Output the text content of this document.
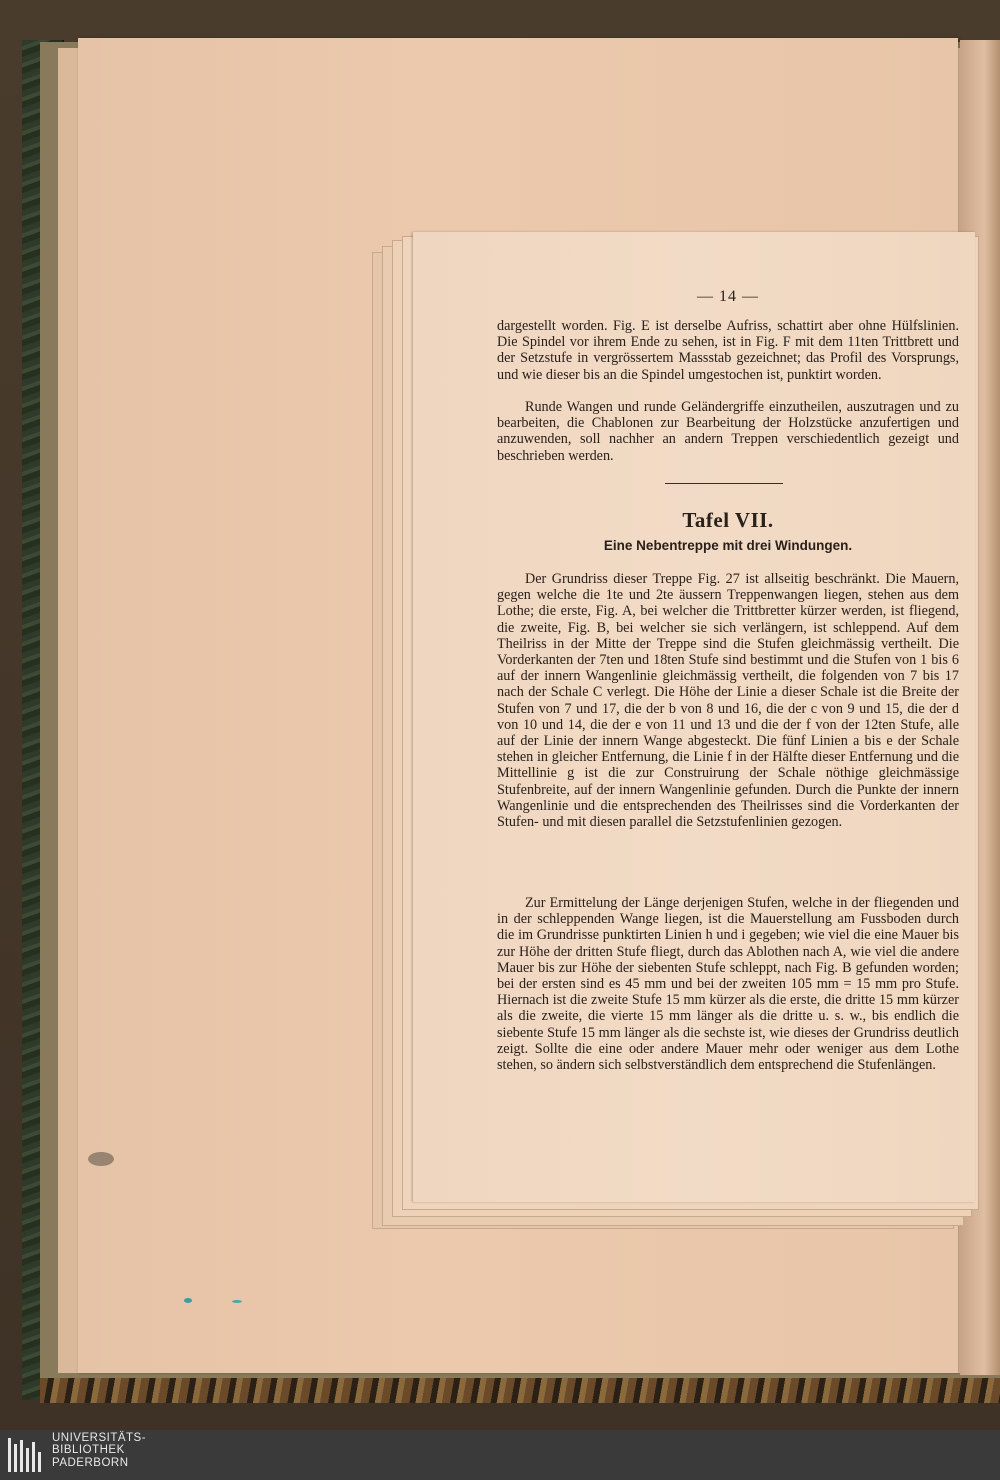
— 14 —

dargestellt worden. Fig. E ist derselbe Aufriss, schattirt aber ohne Hülfslinien. Die Spindel vor ihrem Ende zu sehen, ist in Fig. F mit dem 11ten Trittbrett und der Setzstufe in vergrössertem Massstab gezeichnet; das Profil des Vorsprungs, und wie dieser bis an die Spindel umgestochen ist, punktirt worden.

Runde Wangen und runde Geländergriffe einzutheilen, auszutragen und zu bearbeiten, die Chablonen zur Bearbeitung der Holzstücke anzufertigen und anzuwenden, soll nachher an andern Treppen verschiedentlich gezeigt und beschrieben werden.

Tafel VII.
Eine Nebentreppe mit drei Windungen.

Der Grundriss dieser Treppe Fig. 27 ist allseitig beschränkt. Die Mauern, gegen welche die 1te und 2te äussern Treppenwangen liegen, stehen aus dem Lothe; die erste, Fig. A, bei welcher die Trittbretter kürzer werden, ist fliegend, die zweite, Fig. B, bei welcher sie sich verlängern, ist schleppend. Auf dem Theilriss in der Mitte der Treppe sind die Stufen gleichmässig vertheilt. Die Vorderkanten der 7ten und 18ten Stufe sind bestimmt und die Stufen von 1 bis 6 auf der innern Wangenlinie gleichmässig vertheilt, die folgenden von 7 bis 17 nach der Schale C verlegt. Die Höhe der Linie a dieser Schale ist die Breite der Stufen von 7 und 17, die der b von 8 und 16, die der c von 9 und 15, die der d von 10 und 14, die der e von 11 und 13 und die der f von der 12ten Stufe, alle auf der Linie der innern Wange abgesteckt. Die fünf Linien a bis e der Schale stehen in gleicher Entfernung, die Linie f in der Hälfte dieser Entfernung und die Mittellinie g ist die zur Construirung der Schale nöthige gleichmässige Stufenbreite, auf der innern Wangenlinie gefunden. Durch die Punkte der innern Wangenlinie und die entsprechenden des Theilrisses sind die Vorderkanten der Stufen- und mit diesen parallel die Setzstufenlinien gezogen.

Zur Ermittelung der Länge derjenigen Stufen, welche in der fliegenden und in der schleppenden Wange liegen, ist die Mauerstellung am Fussboden durch die im Grundrisse punktirten Linien h und i gegeben; wie viel die eine Mauer bis zur Höhe der dritten Stufe fliegt, durch das Ablothen nach A, wie viel die andere Mauer bis zur Höhe der siebenten Stufe schleppt, nach Fig. B gefunden worden; bei der ersten sind es 45 mm und bei der zweiten 105 mm = 15 mm pro Stufe. Hiernach ist die zweite Stufe 15 mm kürzer als die erste, die dritte 15 mm kürzer als die zweite, die vierte 15 mm länger als die dritte u. s. w., bis endlich die siebente Stufe 15 mm länger als die sechste ist, wie dieses der Grundriss deutlich zeigt. Sollte die eine oder andere Mauer mehr oder weniger aus dem Lothe stehen, so ändern sich selbstverständlich dem entsprechend die Stufenlängen.

UNIVERSITÄTS-
BIBLIOTHEK
PADERBORN
